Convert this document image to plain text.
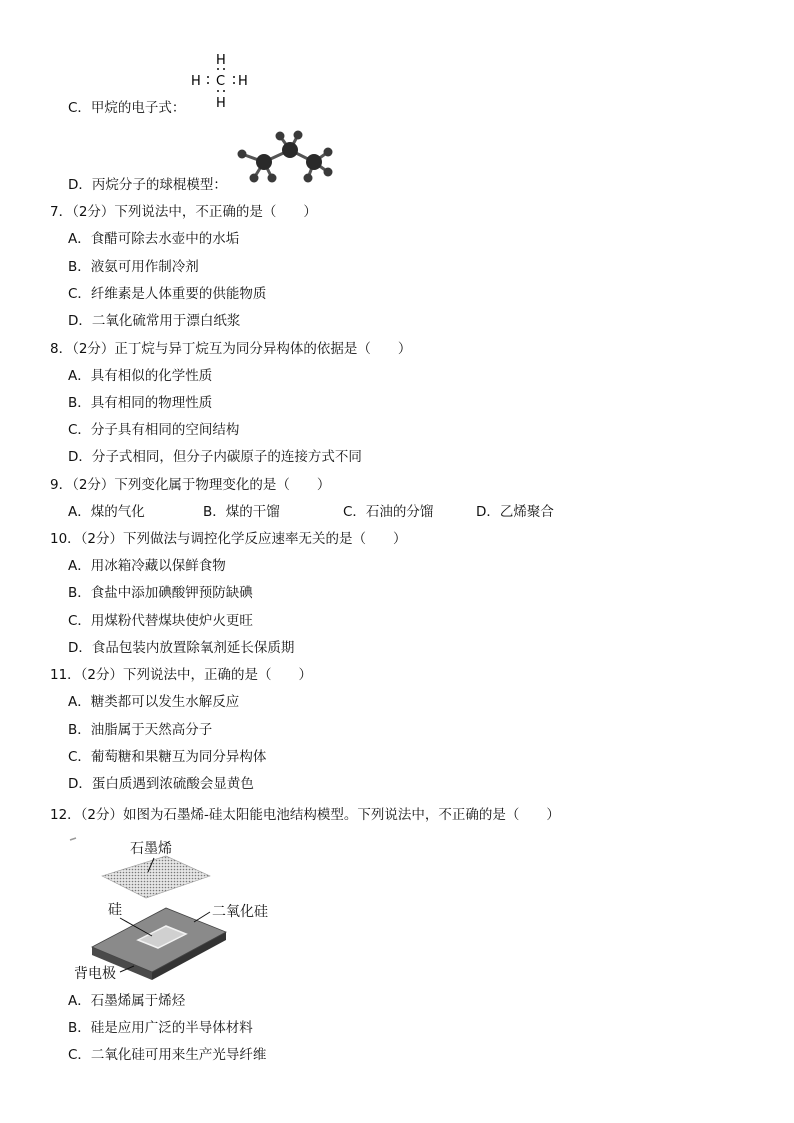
C．甲烷的电子式：
H
H C H
H
D．丙烷分子的球棍模型：
7．（2分）下列说法中，不正确的是（　　）
A．食醋可除去水壶中的水垢
B．液氨可用作制冷剂
C．纤维素是人体重要的供能物质
D．二氧化硫常用于漂白纸浆
8．（2分）正丁烷与异丁烷互为同分异构体的依据是（　　）
A．具有相似的化学性质
B．具有相同的物理性质
C．分子具有相同的空间结构
D．分子式相同，但分子内碳原子的连接方式不同
9．（2分）下列变化属于物理变化的是（　　）
A．煤的气化	B．煤的干馏	C．石油的分馏	D．乙烯聚合
10．（2分）下列做法与调控化学反应速率无关的是（　　）
A．用冰箱冷藏以保鲜食物
B．食盐中添加碘酸钾预防缺碘
C．用煤粉代替煤块使炉火更旺
D．食品包装内放置除氧剂延长保质期
11．（2分）下列说法中，正确的是（　　）
A．糖类都可以发生水解反应
B．油脂属于天然高分子
C．葡萄糖和果糖互为同分异构体
D．蛋白质遇到浓硫酸会显黄色
12．（2分）如图为石墨烯-硅太阳能电池结构模型。下列说法中，不正确的是（　　）
石墨烯
硅	二氧化硅
背电极
A．石墨烯属于烯烃
B．硅是应用广泛的半导体材料
C．二氧化硅可用来生产光导纤维
